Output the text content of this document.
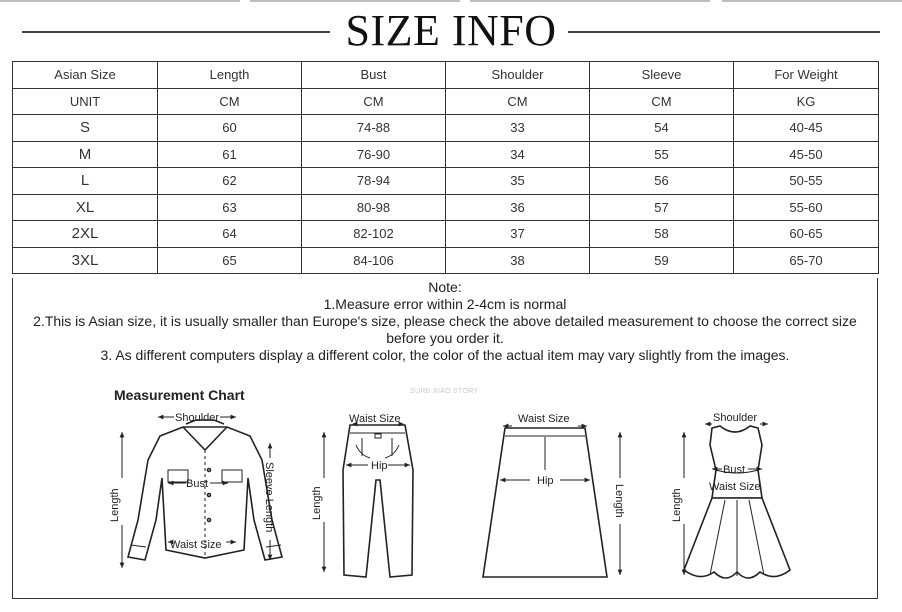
SIZE INFO
Asian Size	Length	Bust	Shoulder	Sleeve	For Weight
UNIT	CM	CM	CM	CM	KG
S	60	74-88	33	54	40-45
M	61	76-90	34	55	45-50
L	62	78-94	35	56	50-55
XL	63	80-98	36	57	55-60
2XL	64	82-102	37	58	60-65
3XL	65	84-106	38	59	65-70
Note:
1.Measure error within 2-4cm is normal
2.This is Asian size, it is usually smaller than Europe's size, please check the above detailed measurement to choose the correct size
before you order it.
3. As different computers display a different color, the color of the actual item may vary slightly from the images.
Measurement Chart	SURE XIAO STORY
Shoulder
Bust
Waist Size
Length	Sleeve Length
Waist Size
Hip
Length
Waist Size
Hip
Length
Shoulder
Bust
Waist Size
Length
